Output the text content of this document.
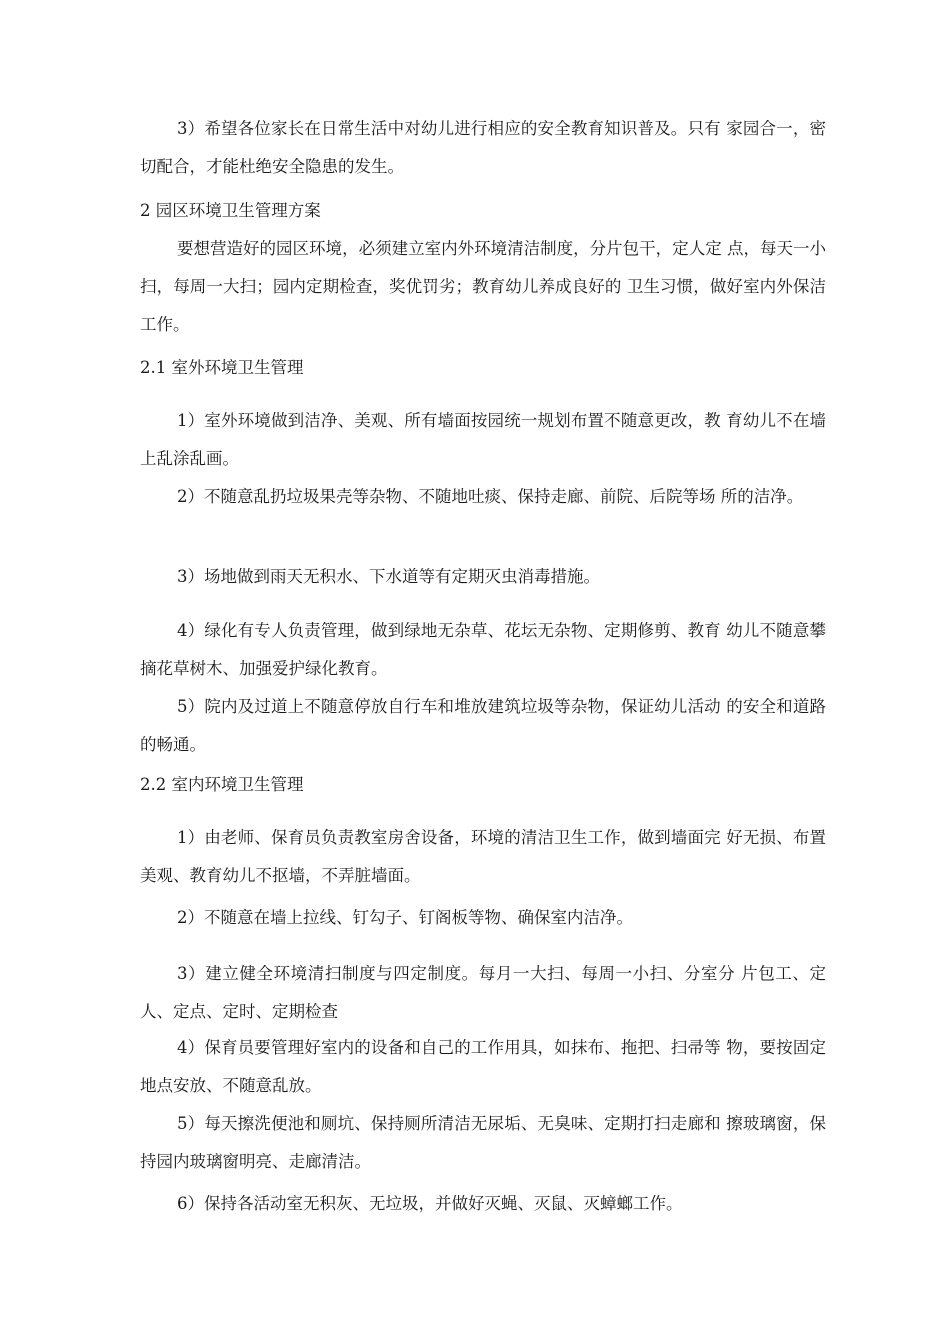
3）希望各位家长在日常生活中对幼儿进行相应的安全教育知识普及。只有 家园合一，密切配合，才能杜绝安全隐患的发生。

2 园区环境卫生管理方案

要想营造好的园区环境，必须建立室内外环境清洁制度，分片包干，定人定 点，每天一小扫，每周一大扫；园内定期检查，奖优罚劣；教育幼儿养成良好的 卫生习惯，做好室内外保洁工作。

2.1 室外环境卫生管理

1）室外环境做到洁净、美观、所有墙面按园统一规划布置不随意更改，教 育幼儿不在墙上乱涂乱画。

2）不随意乱扔垃圾果壳等杂物、不随地吐痰、保持走廊、前院、后院等场 所的洁净。

3）场地做到雨天无积水、下水道等有定期灭虫消毒措施。

4）绿化有专人负责管理，做到绿地无杂草、花坛无杂物、定期修剪、教育 幼儿不随意攀摘花草树木、加强爱护绿化教育。

5）院内及过道上不随意停放自行车和堆放建筑垃圾等杂物，保证幼儿活动 的安全和道路的畅通。

2.2 室内环境卫生管理

1）由老师、保育员负责教室房舍设备，环境的清洁卫生工作，做到墙面完 好无损、布置美观、教育幼儿不抠墙，不弄脏墙面。

2）不随意在墙上拉线、钉勾子、钉阁板等物、确保室内洁净。

3）建立健全环境清扫制度与四定制度。每月一大扫、每周一小扫、分室分 片包工、定人、定点、定时、定期检查

4）保育员要管理好室内的设备和自己的工作用具，如抹布、拖把、扫帚等 物，要按固定地点安放、不随意乱放。

5）每天擦洗便池和厕坑、保持厕所清洁无尿垢、无臭味、定期打扫走廊和 擦玻璃窗，保持园内玻璃窗明亮、走廊清洁。

6）保持各活动室无积灰、无垃圾，并做好灭蝇、灭鼠、灭蟑螂工作。
